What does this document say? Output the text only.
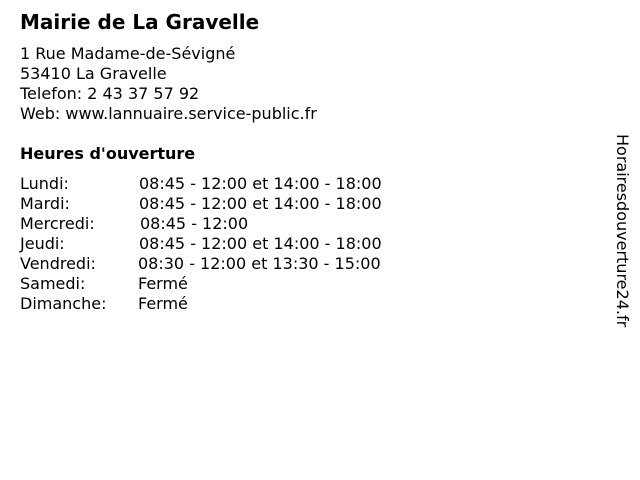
Mairie de La Gravelle
1 Rue Madame-de-Sévigné
53410 La Gravelle
Telefon: 2 43 37 57 92
Web: www.lannuaire.service-public.fr
Heures d'ouverture
Lundi:	08:45 - 12:00 et 14:00 - 18:00
Mardi:	08:45 - 12:00 et 14:00 - 18:00
Mercredi:	08:45 - 12:00
Jeudi:	08:45 - 12:00 et 14:00 - 18:00
Vendredi:	08:30 - 12:00 et 13:30 - 15:00
Samedi:	Fermé
Dimanche: Fermé	Horairesdouverture24.fr
